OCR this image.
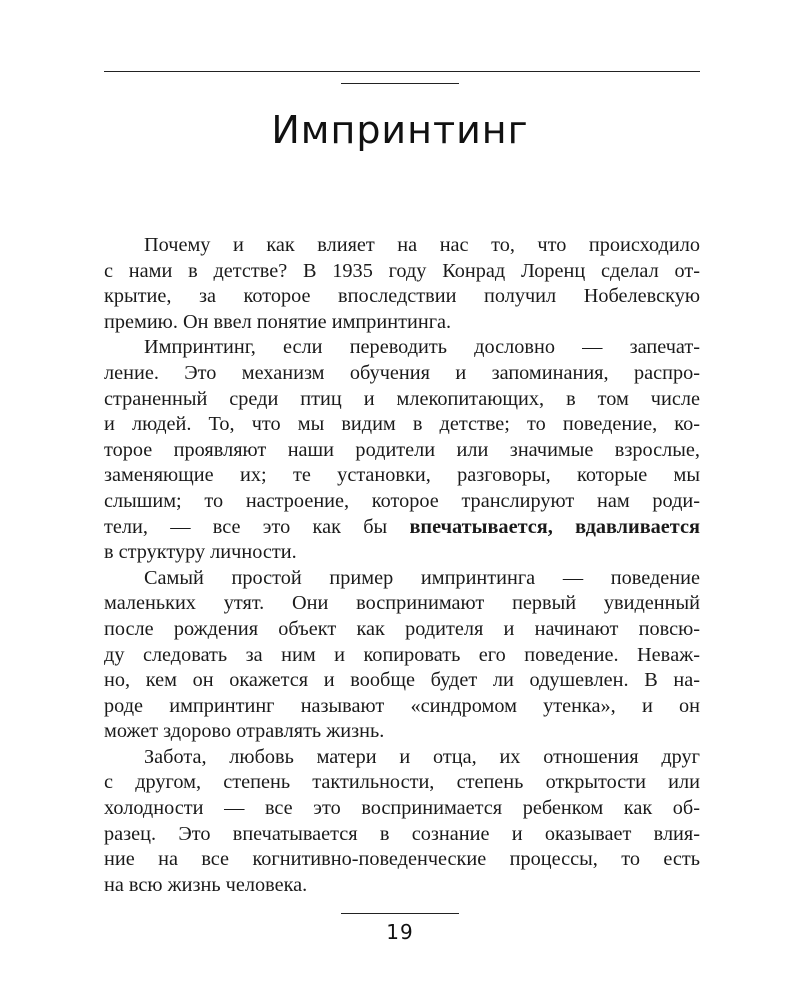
Импринтинг
Почему и как влияет на нас то, что происходило
с нами в детстве? В 1935 году Конрад Лоренц сделал от-
крытие, за которое впоследствии получил Нобелевскую
премию. Он ввел понятие импринтинга.
Импринтинг, если переводить дословно — запечат-
ление. Это механизм обучения и запоминания, распро-
страненный среди птиц и млекопитающих, в том числе
и людей. То, что мы видим в детстве; то поведение, ко-
торое проявляют наши родители или значимые взрослые,
заменяющие их; те установки, разговоры, которые мы
слышим; то настроение, которое транслируют нам роди-
тели, — все это как бы впечатывается, вдавливается
в структуру личности.
Самый простой пример импринтинга — поведение
маленьких утят. Они воспринимают первый увиденный
после рождения объект как родителя и начинают повсю-
ду следовать за ним и копировать его поведение. Невaж-
но, кем он окажется и вообще будет ли одушевлен. В на-
роде импринтинг называют «синдромом утенка», и он
может здорово отравлять жизнь.
Забота, любовь матери и отца, их отношения друг
с другом, степень тактильности, степень открытости или
холодности — все это воспринимается ребенком как об-
разец. Это впечатывается в сознание и оказывает влия-
ние на все когнитивно-поведенческие процессы, то есть
на всю жизнь человека.
19
